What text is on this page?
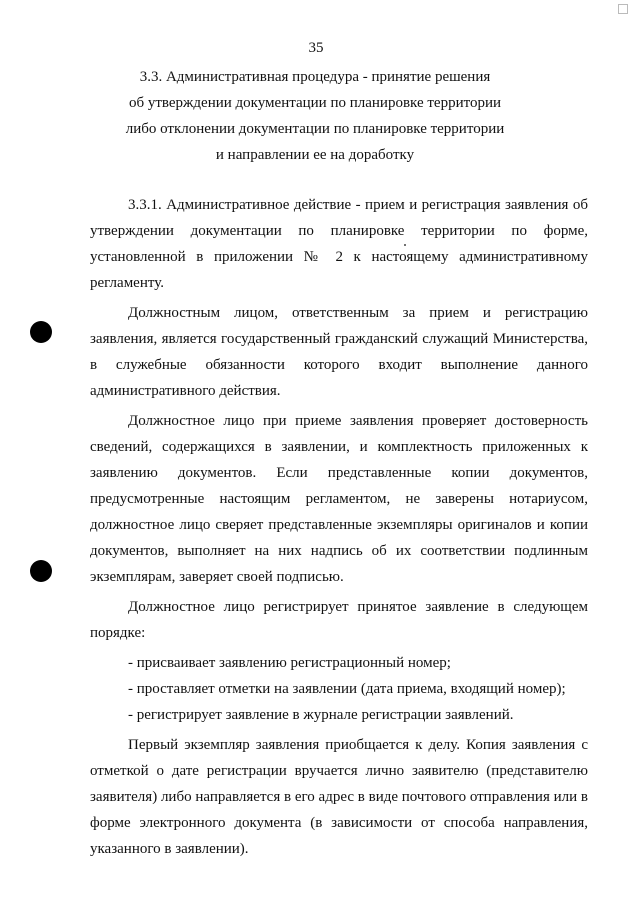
35
3.3. Административная процедура - принятие решения
об утверждении документации по планировке территории
либо отклонении документации по планировке территории
и направлении ее на доработку

3.3.1. Административное действие - прием и регистрация заявления об утверждении документации по планировке территории по форме, установленной в приложении № 2 к настоящему административному регламенту.

Должностным лицом, ответственным за прием и регистрацию заявления, является государственный гражданский служащий Министерства, в служебные обязанности которого входит выполнение данного административного действия.

Должностное лицо при приеме заявления проверяет достоверность сведений, содержащихся в заявлении, и комплектность приложенных к заявлению документов. Если представленные копии документов, предусмотренные настоящим регламентом, не заверены нотариусом, должностное лицо сверяет представленные экземпляры оригиналов и копии документов, выполняет на них надпись об их соответствии подлинным экземплярам, заверяет своей подписью.

Должностное лицо регистрирует принятое заявление в следующем порядке:

- присваивает заявлению регистрационный номер;

- проставляет отметки на заявлении (дата приема, входящий номер);

- регистрирует заявление в журнале регистрации заявлений.

Первый экземпляр заявления приобщается к делу. Копия заявления с отметкой о дате регистрации вручается лично заявителю (представителю заявителя) либо направляется в его адрес в виде почтового отправления или в форме электронного документа (в зависимости от способа направления, указанного в заявлении).
